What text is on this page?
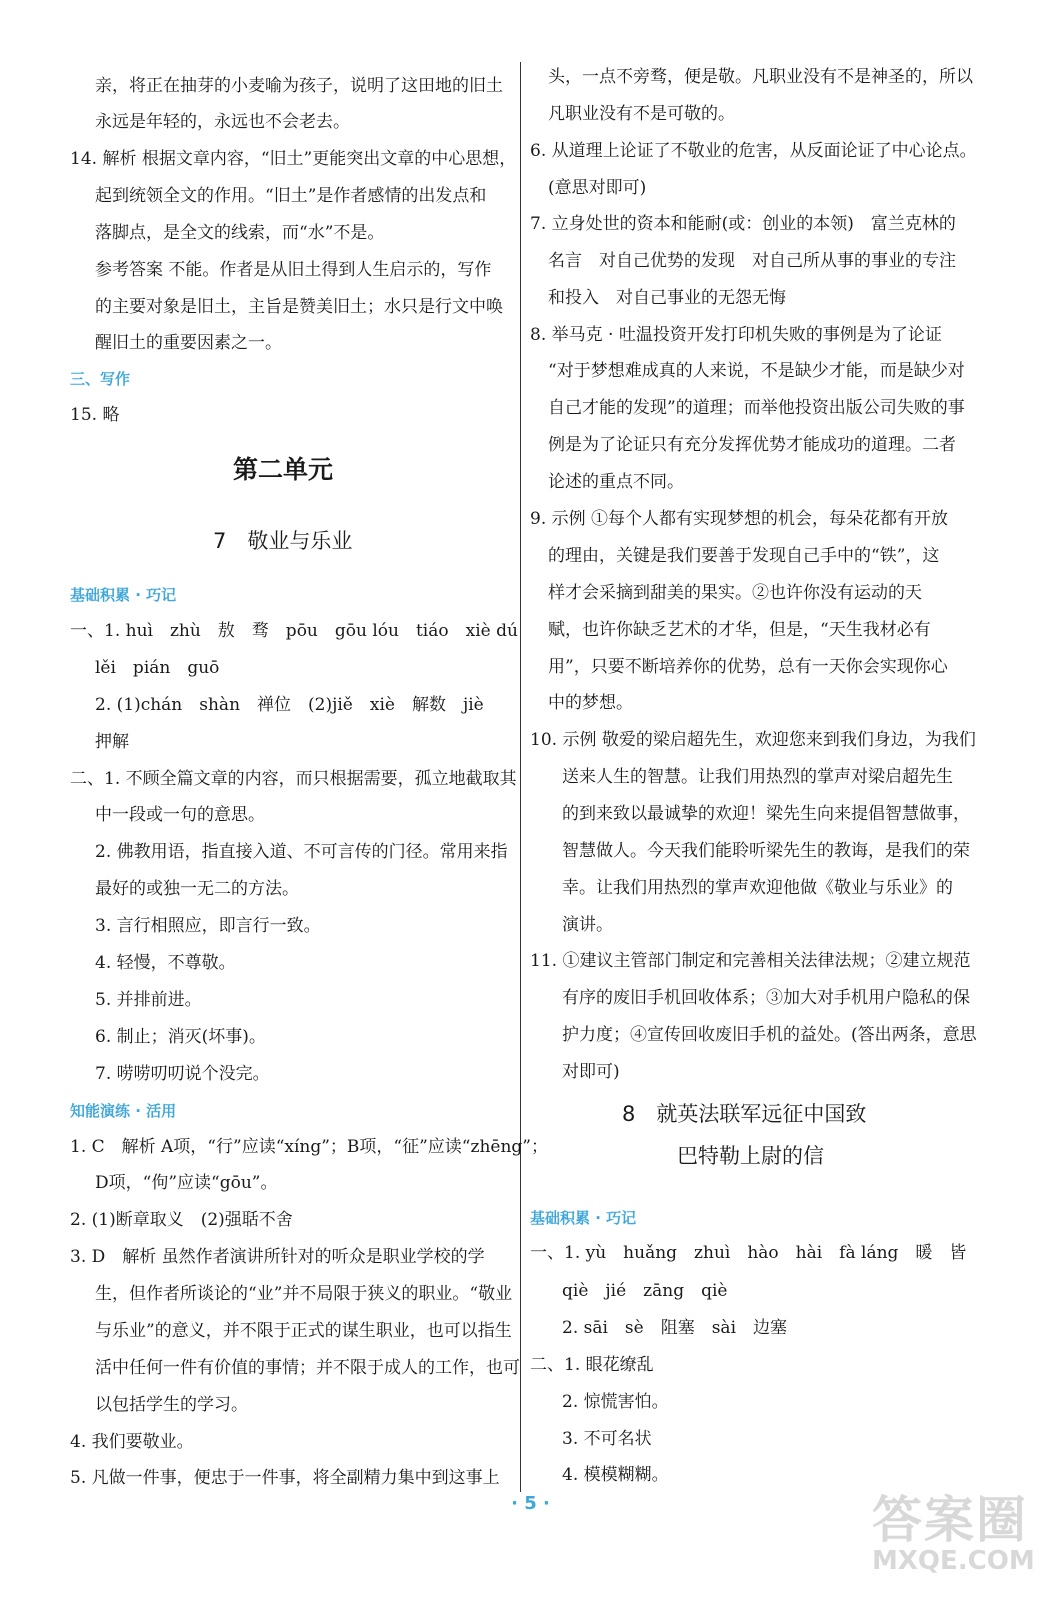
亲，将正在抽芽的小麦喻为孩子，说明了这田地的旧土
永远是年轻的，永远也不会老去。
14. 解析 根据文章内容，“旧土”更能突出文章的中心思想，
起到统领全文的作用。“旧土”是作者感情的出发点和
落脚点，是全文的线索，而“水”不是。
参考答案 不能。作者是从旧土得到人生启示的，写作
的主要对象是旧土，主旨是赞美旧土；水只是行文中唤
醒旧土的重要因素之一。
三、写作
15. 略
基础积累 · 巧记
一、1. huì　zhù　敖　骛　pōu　gōu lóu　tiáo　xiè dú
lěi　pián　guō
2. (1)chán　shàn　禅位　(2)jiě　xiè　解数　jiè
押解
二、1. 不顾全篇文章的内容，而只根据需要，孤立地截取其
中一段或一句的意思。
2. 佛教用语，指直接入道、不可言传的门径。常用来指
最好的或独一无二的方法。
3. 言行相照应，即言行一致。
4. 轻慢，不尊敬。
5. 并排前进。
6. 制止；消灭(坏事)。
7. 唠唠叨叨说个没完。
知能演练 · 活用
1. C　解析 A项，“行”应读“xíng”；B项，“征”应读“zhēng”；
D项，“佝”应读“gōu”。
2. (1)断章取义　(2)强聒不舍
3. D　解析 虽然作者演讲所针对的听众是职业学校的学
生，但作者所谈论的“业”并不局限于狭义的职业。“敬业
与乐业”的意义，并不限于正式的谋生职业，也可以指生
活中任何一件有价值的事情；并不限于成人的工作，也可
以包括学生的学习。
4. 我们要敬业。
5. 凡做一件事，便忠于一件事，将全副精力集中到这事上
头，一点不旁骛，便是敬。凡职业没有不是神圣的，所以
凡职业没有不是可敬的。
6. 从道理上论证了不敬业的危害，从反面论证了中心论点。
(意思对即可)
7. 立身处世的资本和能耐(或：创业的本领)　富兰克林的
名言　对自己优势的发现　对自己所从事的事业的专注
和投入　对自己事业的无怨无悔
8. 举马克 · 吐温投资开发打印机失败的事例是为了论证
“对于梦想难成真的人来说，不是缺少才能，而是缺少对
自己才能的发现”的道理；而举他投资出版公司失败的事
例是为了论证只有充分发挥优势才能成功的道理。二者
论述的重点不同。
9. 示例 ①每个人都有实现梦想的机会，每朵花都有开放
的理由，关键是我们要善于发现自己手中的“铁”，这
样才会采摘到甜美的果实。②也许你没有运动的天
赋，也许你缺乏艺术的才华，但是，“天生我材必有
用”，只要不断培养你的优势，总有一天你会实现你心
中的梦想。
10. 示例 敬爱的梁启超先生，欢迎您来到我们身边，为我们
送来人生的智慧。让我们用热烈的掌声对梁启超先生
的到来致以最诚挚的欢迎！梁先生向来提倡智慧做事，
智慧做人。今天我们能聆听梁先生的教诲，是我们的荣
幸。让我们用热烈的掌声欢迎他做《敬业与乐业》的
演讲。
11. ①建议主管部门制定和完善相关法律法规；②建立规范
有序的废旧手机回收体系；③加大对手机用户隐私的保
护力度；④宣传回收废旧手机的益处。(答出两条，意思
对即可)
基础积累 · 巧记
一、1. yù　huǎng　zhuì　hào　hài　fà láng　暖　皆
qiè　jié　zāng　qiè
2. sāi　sè　阻塞　sài　边塞
二、1. 眼花缭乱
2. 惊慌害怕。
3. 不可名状
4. 模模糊糊。
第二单元
7　敬业与乐业
8　就英法联军远征中国致
巴特勒上尉的信
· 5 ·	答案圈
MXQE.COM
